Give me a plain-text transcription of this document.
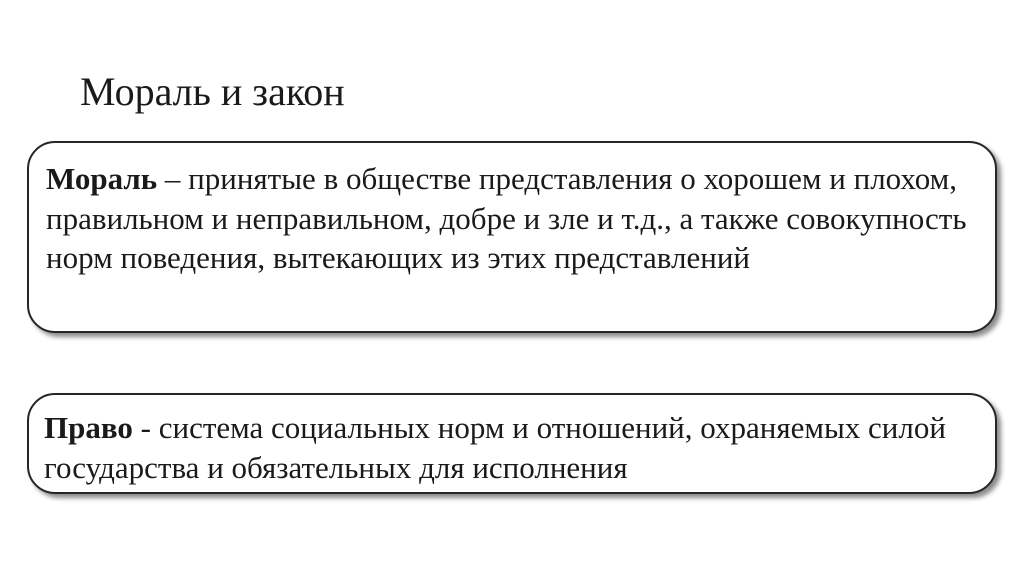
Мораль и закон
Мораль – принятые в обществе представления о хорошем и плохом, правильном и неправильном, добре и зле и т.д., а также совокупность норм поведения, вытекающих из этих представлений
Право - система социальных норм и отношений, охраняемых силой государства и обязательных для исполнения
